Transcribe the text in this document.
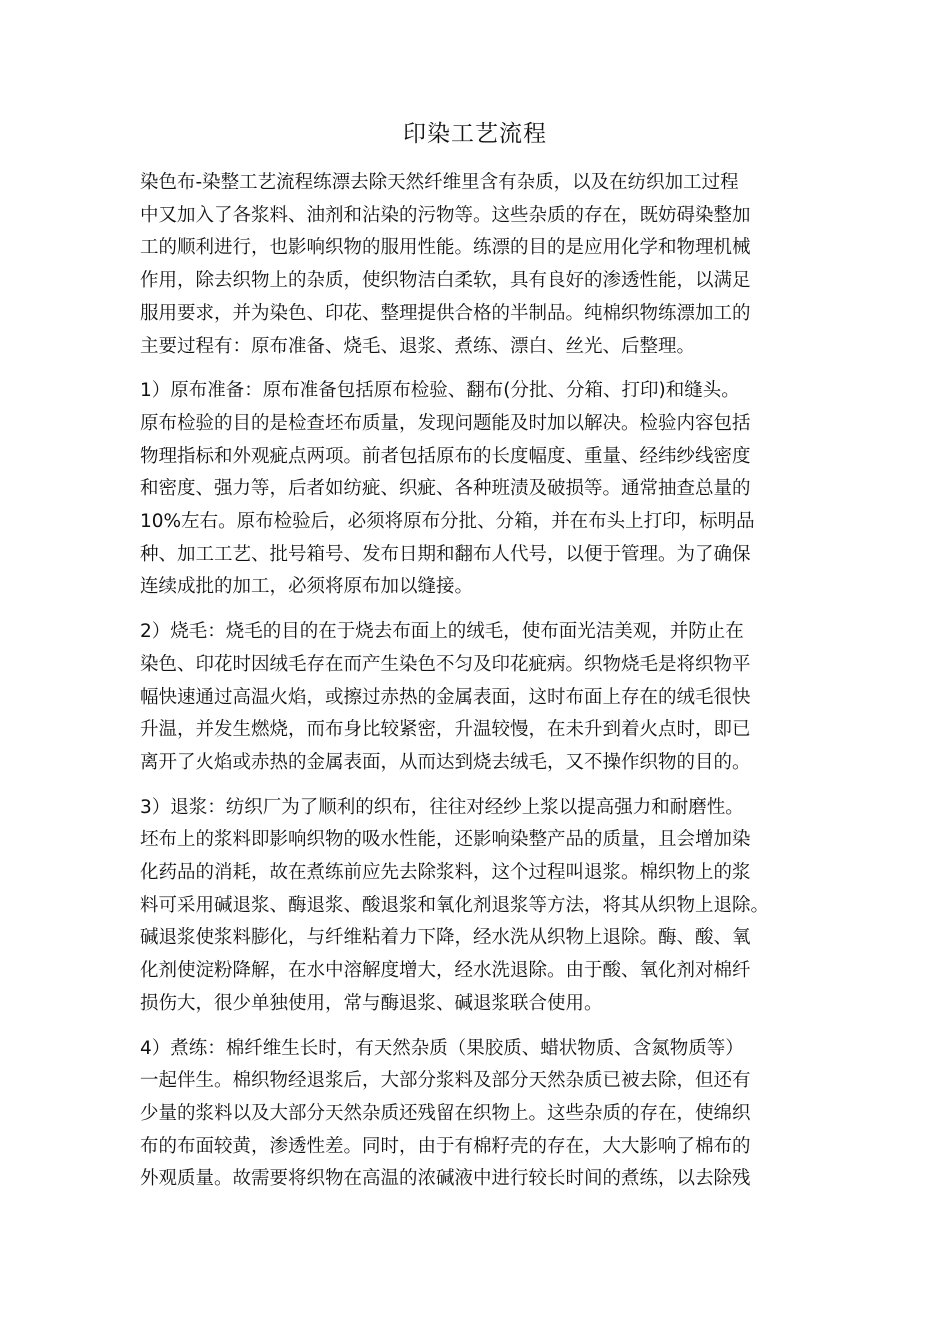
印染工艺流程
染色布-染整工艺流程练漂去除天然纤维里含有杂质，以及在纺织加工过程
中又加入了各浆料、油剂和沾染的污物等。这些杂质的存在，既妨碍染整加
工的顺利进行，也影响织物的服用性能。练漂的目的是应用化学和物理机械
作用，除去织物上的杂质，使织物洁白柔软，具有良好的渗透性能，以满足
服用要求，并为染色、印花、整理提供合格的半制品。纯棉织物练漂加工的
主要过程有：原布准备、烧毛、退浆、煮练、漂白、丝光、后整理。
1）原布准备：原布准备包括原布检验、翻布(分批、分箱、打印)和缝头。
原布检验的目的是检查坯布质量，发现问题能及时加以解决。检验内容包括
物理指标和外观疵点两项。前者包括原布的长度幅度、重量、经纬纱线密度
和密度、强力等，后者如纺疵、织疵、各种班渍及破损等。通常抽查总量的
10%左右。原布检验后，必须将原布分批、分箱，并在布头上打印，标明品
种、加工工艺、批号箱号、发布日期和翻布人代号，以便于管理。为了确保
连续成批的加工，必须将原布加以缝接。
2）烧毛：烧毛的目的在于烧去布面上的绒毛，使布面光洁美观，并防止在
染色、印花时因绒毛存在而产生染色不匀及印花疵病。织物烧毛是将织物平
幅快速通过高温火焰，或擦过赤热的金属表面，这时布面上存在的绒毛很快
升温，并发生燃烧，而布身比较紧密，升温较慢，在未升到着火点时，即已
离开了火焰或赤热的金属表面，从而达到烧去绒毛，又不操作织物的目的。
3）退浆：纺织厂为了顺利的织布，往往对经纱上浆以提高强力和耐磨性。
坯布上的浆料即影响织物的吸水性能，还影响染整产品的质量，且会增加染
化药品的消耗，故在煮练前应先去除浆料，这个过程叫退浆。棉织物上的浆
料可采用碱退浆、酶退浆、酸退浆和氧化剂退浆等方法，将其从织物上退除。
碱退浆使浆料膨化，与纤维粘着力下降，经水洗从织物上退除。酶、酸、氧
化剂使淀粉降解，在水中溶解度增大，经水洗退除。由于酸、氧化剂对棉纤
损伤大，很少单独使用，常与酶退浆、碱退浆联合使用。
4）煮练：棉纤维生长时，有天然杂质（果胶质、蜡状物质、含氮物质等）
一起伴生。棉织物经退浆后，大部分浆料及部分天然杂质已被去除，但还有
少量的浆料以及大部分天然杂质还残留在织物上。这些杂质的存在，使绵织
布的布面较黄，渗透性差。同时，由于有棉籽壳的存在，大大影响了棉布的
外观质量。故需要将织物在高温的浓碱液中进行较长时间的煮练，以去除残
